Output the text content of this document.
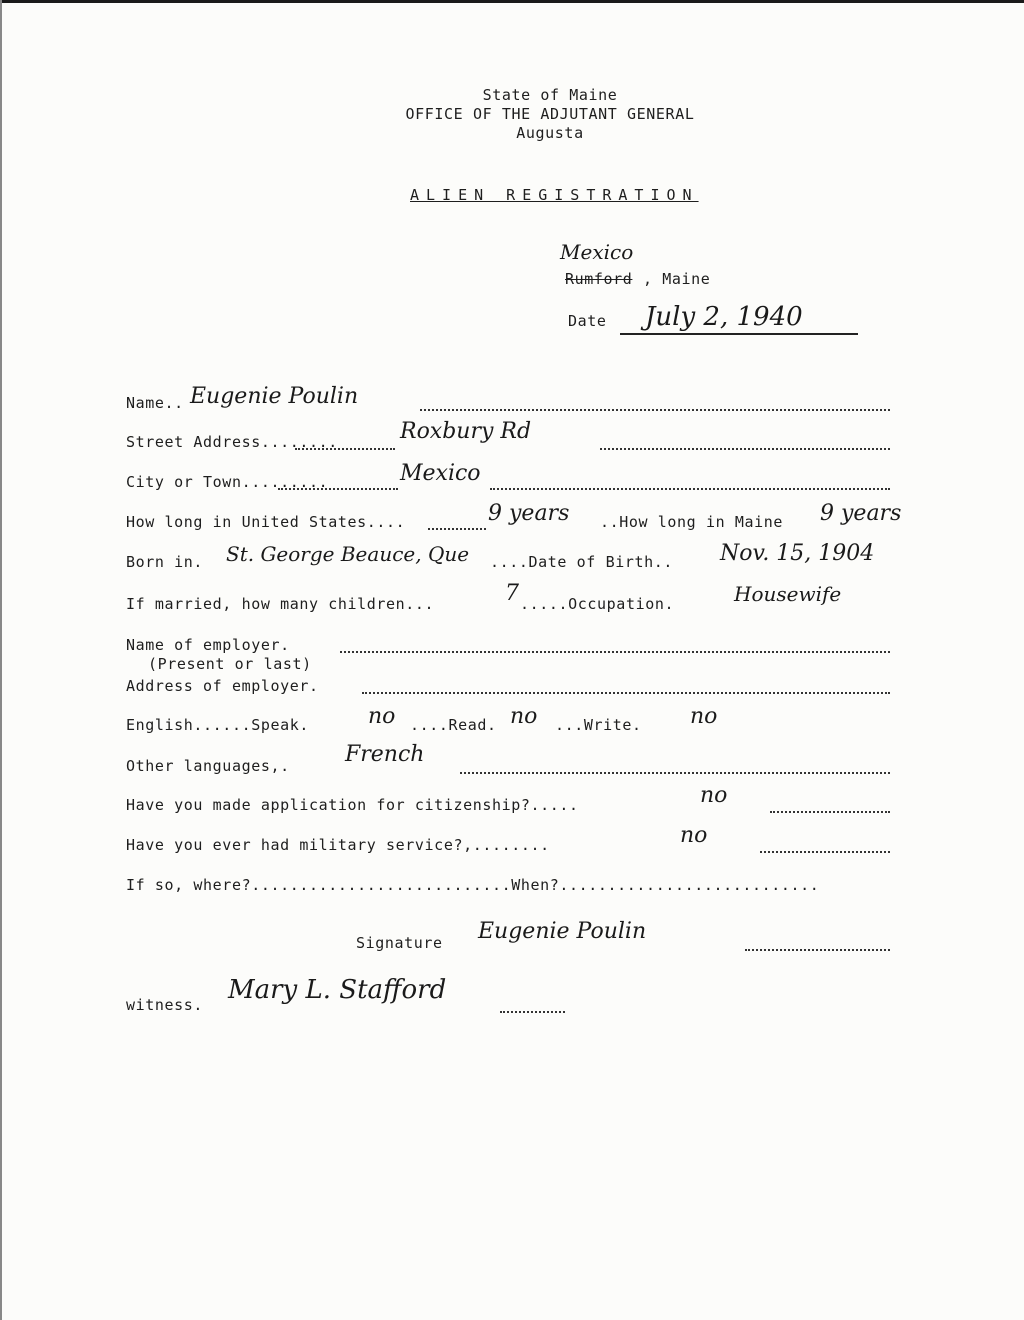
State of Maine
OFFICE OF THE ADJUTANT GENERAL
Augusta
ALIEN REGISTRATION
Mexico
Rumford , Maine
Date July 2, 1940
Name.. Eugenie Poulin
Street Address........	Roxbury Rd
City or Town.........	Mexico
How long in United States....	9 years ..How long in Maine 9 years
Born in. St. George Beauce, Que ....Date of Birth.. Nov. 15, 1904
If married, how many children...	7 .....Occupation.	Housewife
Name of employer.
(Present or last)
Address of employer.
English......Speak.	no ....Read. no ...Write. no
Other languages,.	French
Have you made application for citizenship?.....	no
Have you ever had military service?,........	no
If so, where?...........................When?...........................
Signature Eugenie Poulin
witness. Mary L. Stafford
